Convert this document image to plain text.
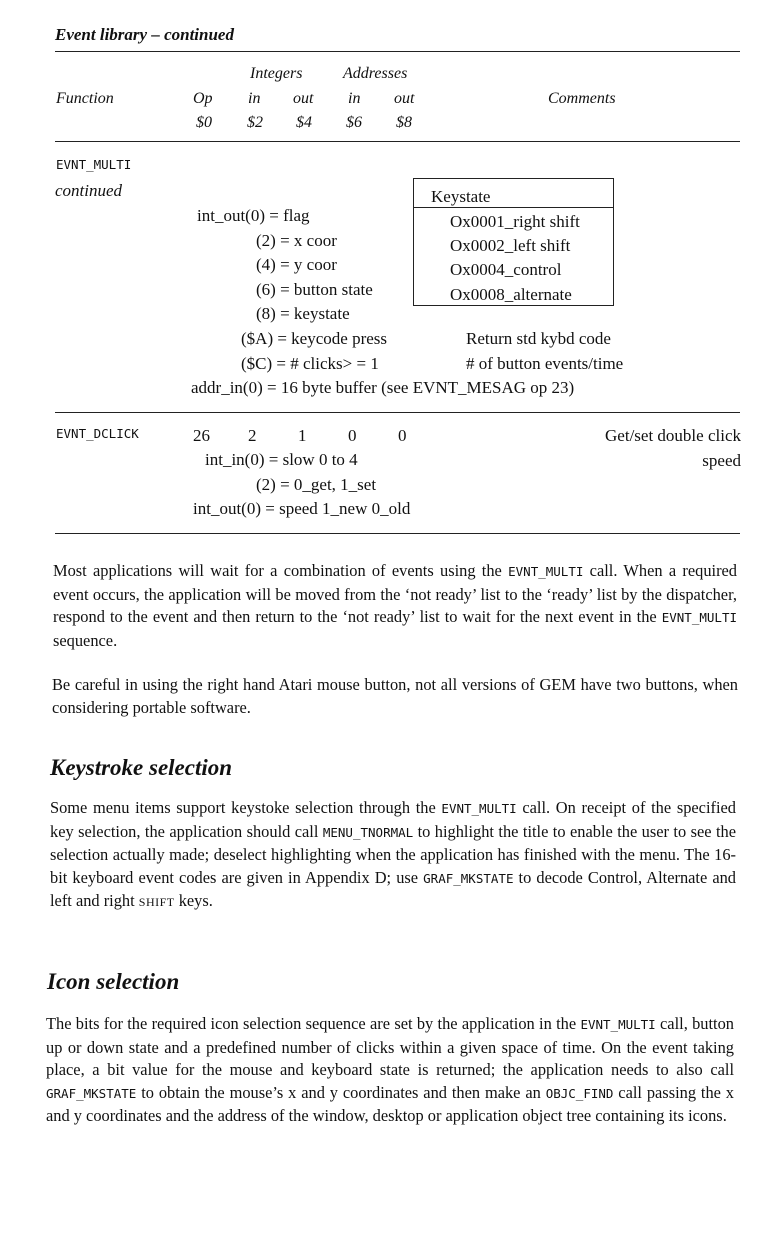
Event library – continued
Integers	Addresses
Function	Op in out in out	Comments
$0 $2 $4 $6 $8
EVNT_MULTI
continued	Keystate
Ox0001_right shift
Ox0002_left shift
Ox0004_control
Ox0008_alternate
int_out(0) = flag
(2) = x coor
(4) = y coor
(6) = button state
(8) = keystate
($A) = keycode press	Return std kybd code
($C) = # clicks> = 1	# of button events/time
addr_in(0) = 16 byte buffer (see EVNT_MESAG op 23)
EVNT_DCLICK	26 2 1 0 0	Get/set double click
speed
int_in(0) = slow 0 to 4
(2) = 0_get, 1_set
int_out(0) = speed 1_new 0_old

Most applications will wait for a combination of events using the EVNT_MULTI call. When a required event occurs, the application will be moved from the ‘not ready’ list to the ‘ready’ list by the dispatcher, respond to the event and then return to the ‘not ready’ list to wait for the next event in the EVNT_MULTI sequence.

Be careful in using the right hand Atari mouse button, not all versions of GEM have two buttons, when considering portable software.
Keystroke selection

Some menu items support keystoke selection through the EVNT_MULTI call. On receipt of the specified key selection, the application should call MENU_TNORMAL to highlight the title to enable the user to see the selection actually made; deselect highlighting when the application has finished with the menu. The 16-bit keyboard event codes are given in Appendix D; use GRAF_MKSTATE to decode Control, Alternate and left and right SHIFT keys.

Icon selection

The bits for the required icon selection sequence are set by the application in the EVNT_MULTI call, button up or down state and a predefined number of clicks within a given space of time. On the event taking place, a bit value for the mouse and keyboard state is returned; the application needs to also call GRAF_MKSTATE to obtain the mouse’s x and y coordinates and then make an OBJC_FIND call passing the x and y coordinates and the address of the window, desktop or application object tree containing its icons.
